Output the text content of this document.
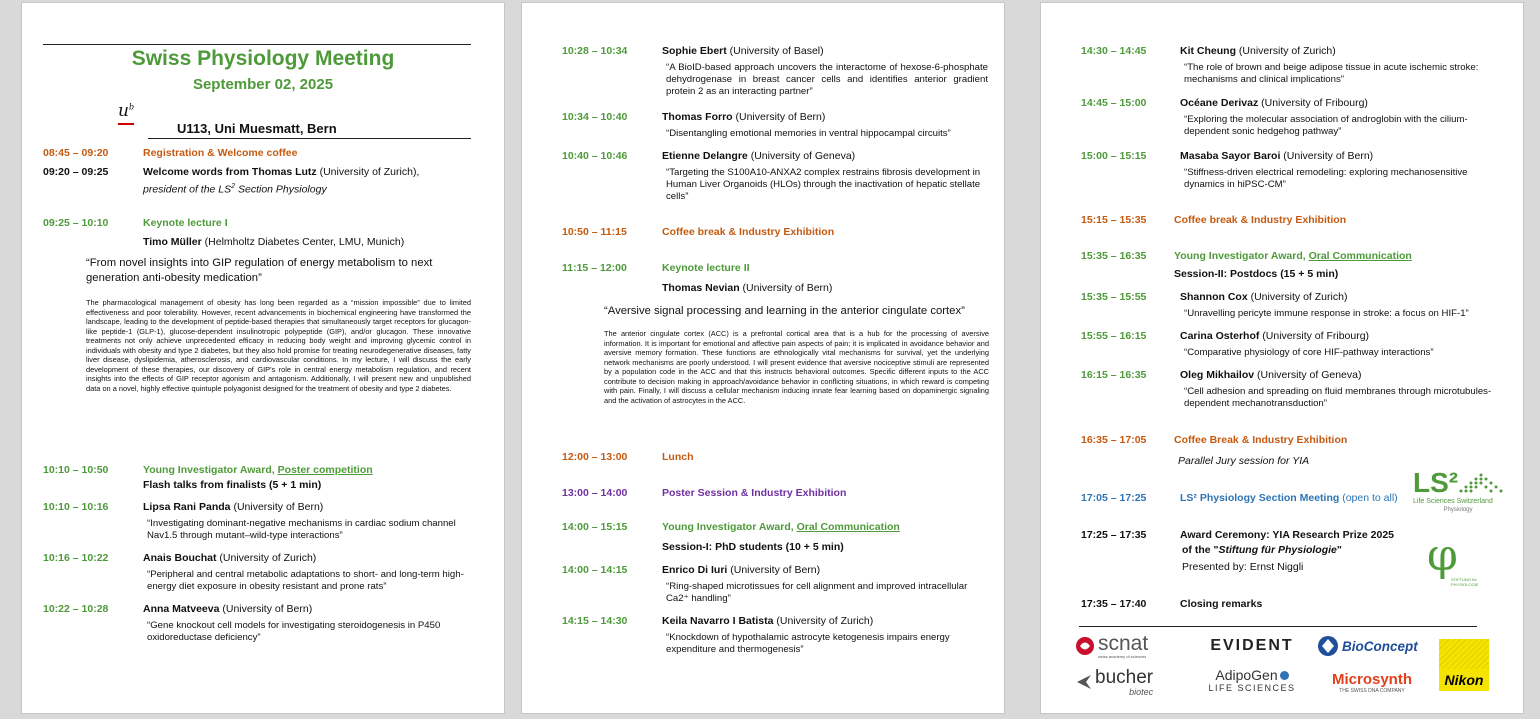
Swiss Physiology Meeting
September 02, 2025
$u^b$
U113, Uni Muesmatt, Bern
08:45 – 09:20	Registration & Welcome coffee
09:20 – 09:25	Welcome words from Thomas Lutz (University of Zurich),
president of the $LS^2$ Section Physiology
09:25 – 10:10	Keynote lecture I
Timo Müller (Helmholtz Diabetes Center, LMU, Munich)
“From novel insights into GIP regulation of energy metabolism to next generation anti-obesity medication”
The pharmacological management of obesity has long been regarded as a “mission impossible” due to limited effectiveness and poor tolerability. However, recent advancements in biochemical engineering have transformed the landscape, leading to the development of peptide-based therapies that simultaneously target receptors for glucagon-like peptide-1 (GLP-1), glucose-dependent insulinotropic polypeptide (GIP), and/or glucagon. These innovative treatments not only achieve unprecedented efficacy in reducing body weight and improving glycemic control in individuals with obesity and type 2 diabetes, but they also hold promise for treating neurodegenerative diseases, fatty liver disease, dyslipidemia, atherosclerosis, and cardiovascular conditions. In my lecture, I will discuss the early development of these therapies, our discovery of GIP’s role in central energy metabolism regulation, and recent insights into the effects of GIP receptor agonism and antagonism. Additionally, I will present new and unpublished data on a novel, highly effective quintuple polyagonist designed for the treatment of obesity and type 2 diabetes.
10:10 – 10:50	Young Investigator Award, Poster competition
Flash talks from finalists (5 + 1 min)
10:10 – 10:16	Lipsa Rani Panda (University of Bern)
“Investigating dominant-negative mechanisms in cardiac sodium channel Nav1.5 through mutant–wild-type interactions”
10:16 – 10:22	Anais Bouchat (University of Zurich)
“Peripheral and central metabolic adaptations to short- and long-term high-energy diet exposure in obesity resistant and prone rats”
10:22 – 10:28	Anna Matveeva (University of Bern)
“Gene knockout cell models for investigating steroidogenesis in P450 oxidoreductase deficiency”
10:28 – 10:34	Sophie Ebert (University of Basel)
“A BioID-based approach uncovers the interactome of hexose-6-phosphate dehydrogenase in breast cancer cells and identifies anterior gradient protein 2 as an interacting partner”
10:34 – 10:40	Thomas Forro (University of Bern)
“Disentangling emotional memories in ventral hippocampal circuits”
10:40 – 10:46	Etienne Delangre (University of Geneva)
“Targeting the S100A10-ANXA2 complex restrains fibrosis development in Human Liver Organoids (HLOs) through the inactivation of hepatic stellate cells”
10:50 – 11:15	Coffee break & Industry Exhibition
11:15 – 12:00	Keynote lecture II
Thomas Nevian (University of Bern)
“Aversive signal processing and learning in the anterior cingulate cortex”
The anterior cingulate cortex (ACC) is a prefrontal cortical area that is a hub for the processing of aversive information. It is important for emotional and affective pain aspects of pain; it is implicated in avoidance behavior and aversive memory formation. These functions are ethnologically vital mechanisms for survival, yet the underlying network mechanisms are poorly understood. I will present evidence that aversive nociceptive stimuli are represented by a population code in the ACC and that this instructs behavioral outcomes. Specific different inputs to the ACC contribute to decision making in approach/avoidance behavior in conflicting situations, in which reward is competing with pain. Finally, I will discuss a cellular mechanism inducing innate fear learning based on dopaminergic signaling and the activation of astrocytes in the ACC.
12:00 – 13:00	Lunch
13:00 – 14:00	Poster Session & Industry Exhibition
14:00 – 15:15	Young Investigator Award, Oral Communication
Session-I: PhD students (10 + 5 min)
14:00 – 14:15	Enrico Di Iuri (University of Bern)
“Ring-shaped microtissues for cell alignment and improved intracellular Ca2⁺ handling”
14:15 – 14:30	Keila Navarro I Batista (University of Zurich)
“Knockdown of hypothalamic astrocyte ketogenesis impairs energy expenditure and thermogenesis”
14:30 – 14:45	Kit Cheung (University of Zurich)
“The role of brown and beige adipose tissue in acute ischemic stroke: mechanisms and clinical implications”
14:45 – 15:00	Océane Derivaz (University of Fribourg)
“Exploring the molecular association of androglobin with the cilium-dependent sonic hedgehog pathway”
15:00 – 15:15	Masaba Sayor Baroi (University of Bern)
“Stiffness-driven electrical remodeling: exploring mechanosensitive dynamics in hiPSC-CM”
15:15 – 15:35	Coffee break & Industry Exhibition
15:35 – 16:35	Young Investigator Award, Oral Communication
Session-II: Postdocs (15 + 5 min)
15:35 – 15:55	Shannon Cox (University of Zurich)
“Unravelling pericyte immune response in stroke: a focus on HIF-1”
15:55 – 16:15	Carina Osterhof (University of Fribourg)
“Comparative physiology of core HIF-pathway interactions”
16:15 – 16:35	Oleg Mikhailov (University of Geneva)
“Cell adhesion and spreading on fluid membranes through microtubules-dependent mechanotransduction”
16:35 – 17:05	Coffee Break & Industry Exhibition
Parallel Jury session for YIA
17:05 – 17:25	LS² Physiology Section Meeting (open to all)
17:25 – 17:35	Award Ceremony: YIA Research Prize 2025
of the "Stiftung für Physiologie"
Presented by: Ernst Niggli
17:35 – 17:40	Closing remarks
LS²
Life Sciences Switzerland
Physiology
φ
STIFTUNG für PHYSIOLOGIE
scnat
swiss academy of sciences
EVIDENT	BioConcept
Nikon
bucher
biotec
AdipoGen
LIFE SCIENCES
Microsynth
THE SWISS DNA COMPANY
